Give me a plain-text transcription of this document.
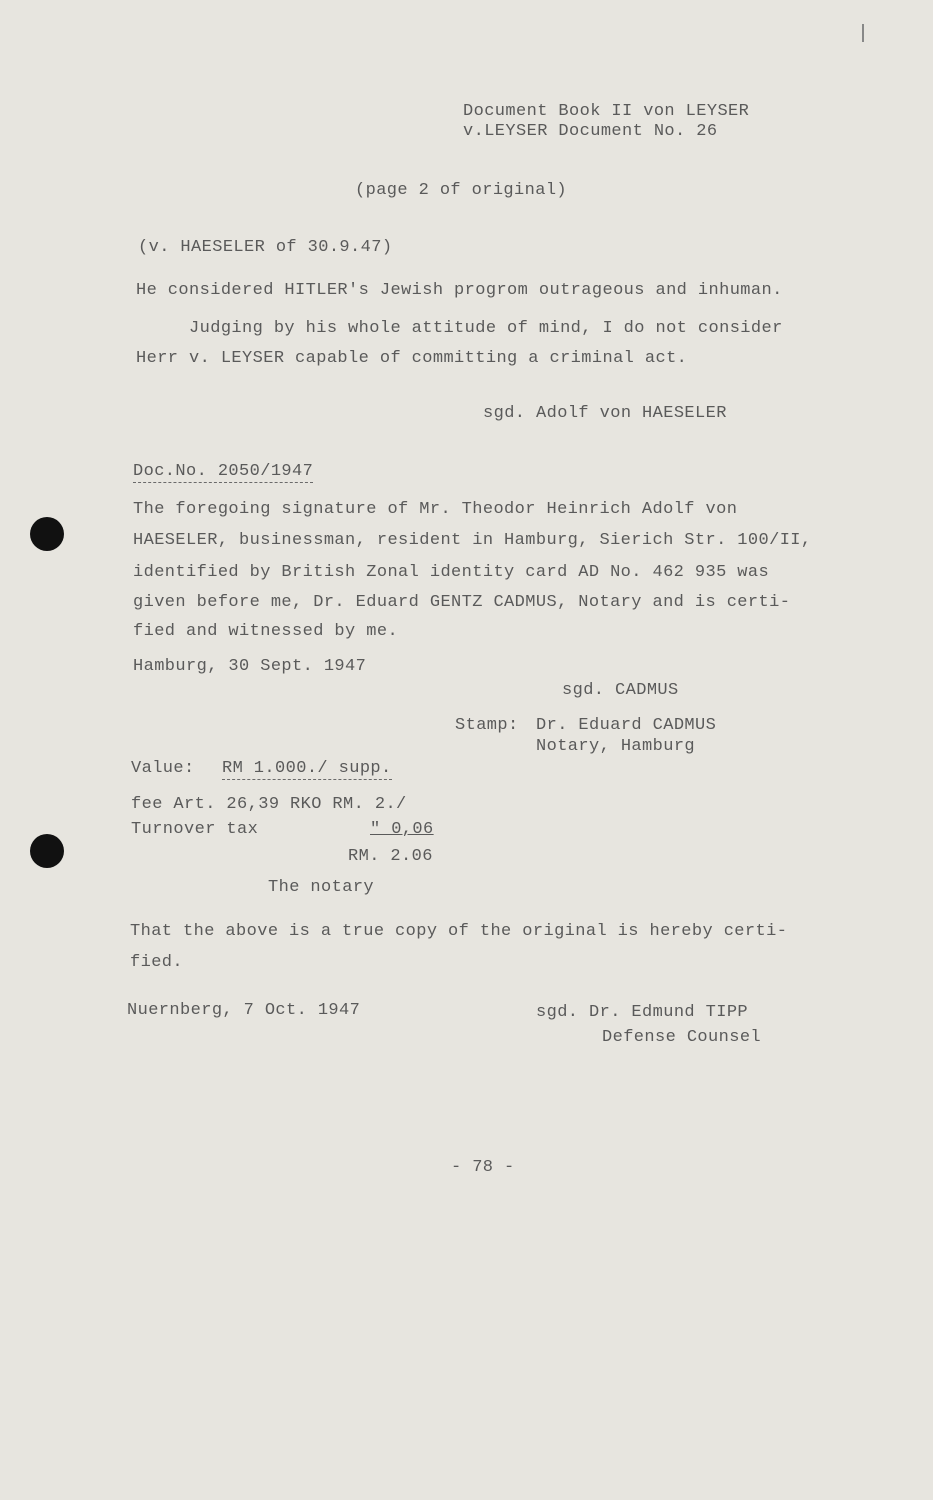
Document Book II von LEYSER
v.LEYSER Document No. 26
(page 2 of original)
(v. HAESELER of 30.9.47)
He considered HITLER's Jewish progrom outrageous and inhuman.
Judging by his whole attitude of mind, I do not consider
Herr v. LEYSER capable of committing a criminal act.
sgd. Adolf von HAESELER
Doc.No. 2050/1947
The foregoing signature of Mr. Theodor Heinrich Adolf von
HAESELER, businessman, resident in Hamburg, Sierich Str. 100/II,
identified by British Zonal identity card AD No. 462 935 was
given before me, Dr. Eduard GENTZ CADMUS, Notary and is certi-
fied and witnessed by me.
Hamburg, 30 Sept. 1947
sgd. CADMUS
Stamp: Dr. Eduard CADMUS
Notary, Hamburg
Value: RM 1.000./ supp.
fee Art. 26,39 RKO RM. 2./
Turnover tax	" 0,06
RM. 2.06
The notary
That the above is a true copy of the original is hereby certi-
fied.
Nuernberg, 7 Oct. 1947	sgd. Dr. Edmund TIPP
Defense Counsel
- 78 -
